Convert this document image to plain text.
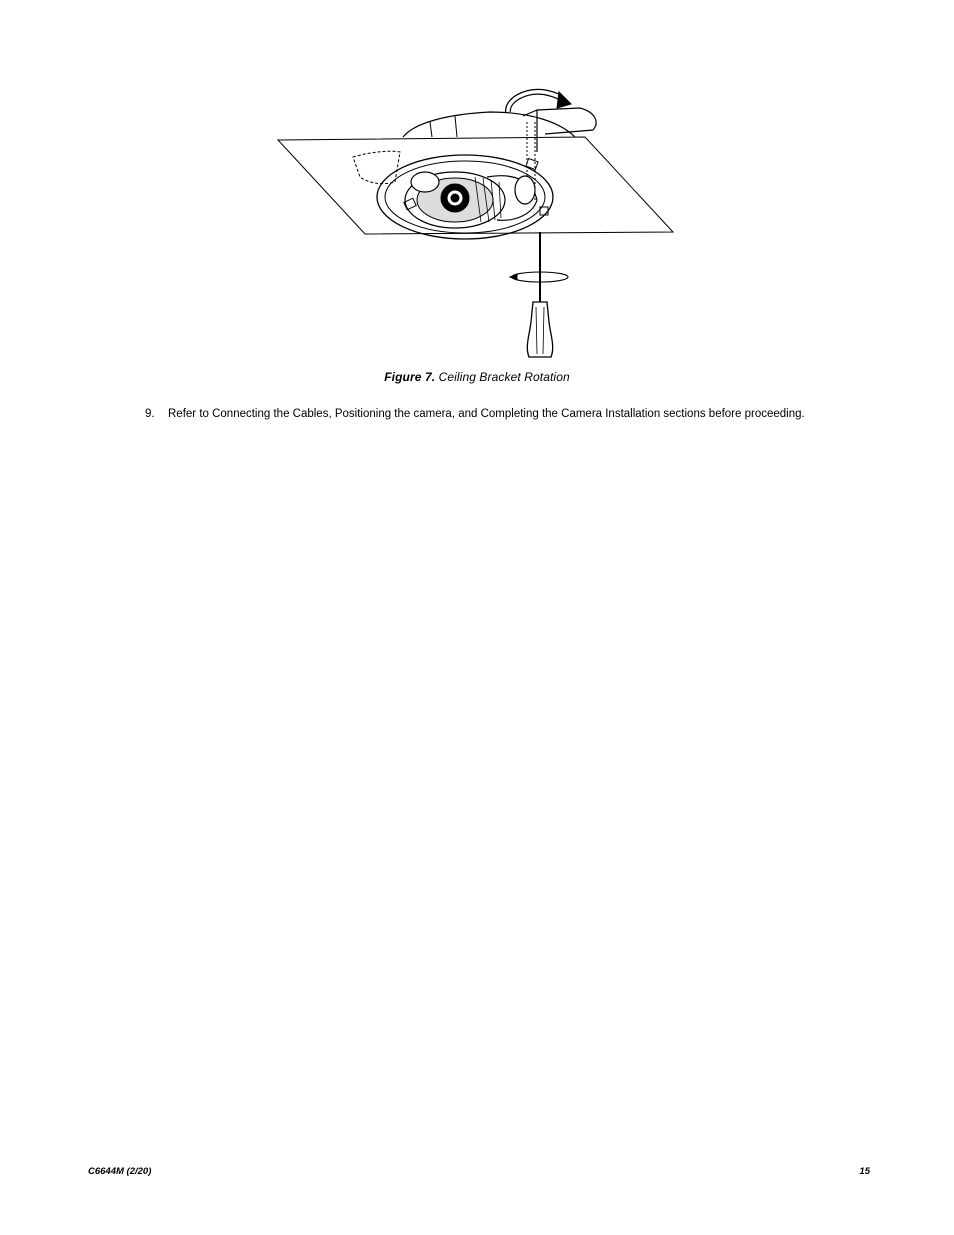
Figure 7. Ceiling Bracket Rotation
9. Refer to Connecting the Cables, Positioning the camera, and Completing the Camera Installation sections before proceeding.
C6644M (2/20)	15
